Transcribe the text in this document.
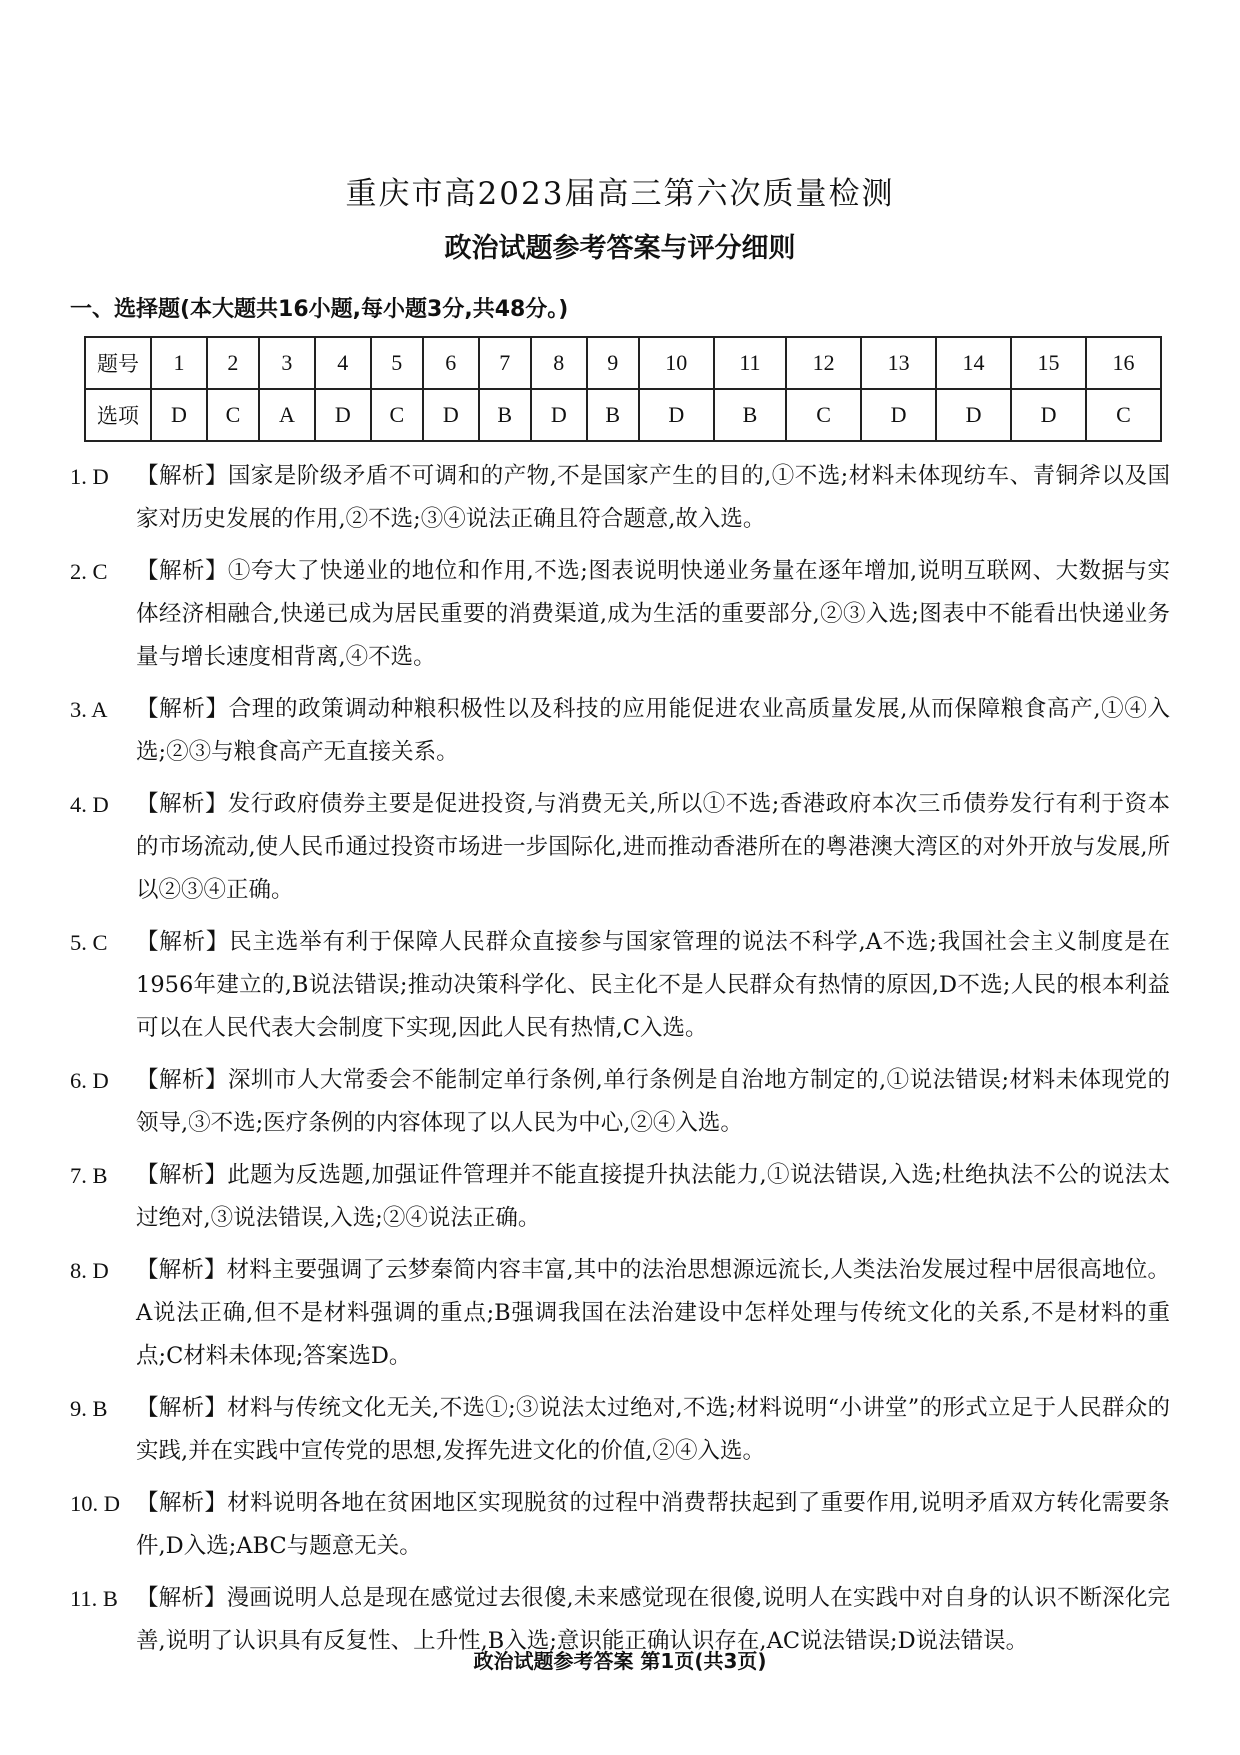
重庆市高2023届高三第六次质量检测
政治试题参考答案与评分细则
一、选择题(本大题共16小题,每小题3分,共48分。)
题号	1	2	3	4	5	6	7	8	9	10	11	12	13	14	15	16
选项	D	C	A	D	C	D	B	D	B	D	B	C	D	D	D	C
1. D	【解析】国家是阶级矛盾不可调和的产物,不是国家产生的目的,①不选;材料未体现纺车、青铜斧以及国家对历史发展的作用,②不选;③④说法正确且符合题意,故入选。
2. C	【解析】①夸大了快递业的地位和作用,不选;图表说明快递业务量在逐年增加,说明互联网、大数据与实体经济相融合,快递已成为居民重要的消费渠道,成为生活的重要部分,②③入选;图表中不能看出快递业务量与增长速度相背离,④不选。
3. A	【解析】合理的政策调动种粮积极性以及科技的应用能促进农业高质量发展,从而保障粮食高产,①④入选;②③与粮食高产无直接关系。
4. D	【解析】发行政府债券主要是促进投资,与消费无关,所以①不选;香港政府本次三币债券发行有利于资本的市场流动,使人民币通过投资市场进一步国际化,进而推动香港所在的粤港澳大湾区的对外开放与发展,所以②③④正确。
5. C	【解析】民主选举有利于保障人民群众直接参与国家管理的说法不科学,A不选;我国社会主义制度是在1956年建立的,B说法错误;推动决策科学化、民主化不是人民群众有热情的原因,D不选;人民的根本利益可以在人民代表大会制度下实现,因此人民有热情,C入选。
6. D	【解析】深圳市人大常委会不能制定单行条例,单行条例是自治地方制定的,①说法错误;材料未体现党的领导,③不选;医疗条例的内容体现了以人民为中心,②④入选。
7. B	【解析】此题为反选题,加强证件管理并不能直接提升执法能力,①说法错误,入选;杜绝执法不公的说法太过绝对,③说法错误,入选;②④说法正确。
8. D	【解析】材料主要强调了云梦秦简内容丰富,其中的法治思想源远流长,人类法治发展过程中居很高地位。A说法正确,但不是材料强调的重点;B强调我国在法治建设中怎样处理与传统文化的关系,不是材料的重点;C材料未体现;答案选D。
9. B	【解析】材料与传统文化无关,不选①;③说法太过绝对,不选;材料说明“小讲堂”的形式立足于人民群众的实践,并在实践中宣传党的思想,发挥先进文化的价值,②④入选。
10. D 【解析】材料说明各地在贫困地区实现脱贫的过程中消费帮扶起到了重要作用,说明矛盾双方转化需要条件,D入选;ABC与题意无关。
11. B 【解析】漫画说明人总是现在感觉过去很傻,未来感觉现在很傻,说明人在实践中对自身的认识不断深化完善,说明了认识具有反复性、上升性,B入选;意识能正确认识存在,AC说法错误;D说法错误。
政治试题参考答案 第1页(共3页)
